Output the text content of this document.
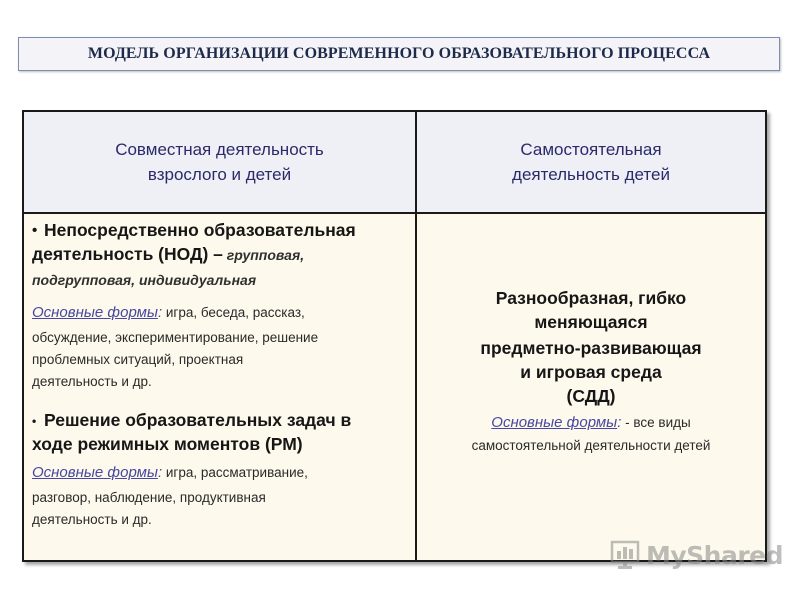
МОДЕЛЬ ОРГАНИЗАЦИИ СОВРЕМЕННОГО ОБРАЗОВАТЕЛЬНОГО ПРОЦЕССА
Совместная деятельность
взрослого и детей
Самостоятельная
деятельность детей
• Непосредственно образовательная
деятельность (НОД) – групповая,
подгрупповая, индивидуальная
Основные формы: игра, беседа, рассказ,
обсуждение, экспериментирование, решение
проблемных ситуаций, проектная
деятельность и др.
• Решение образовательных задач в
ходе режимных моментов (РМ)
Основные формы: игра, рассматривание,
разговор, наблюдение, продуктивная
деятельность и др.
Разнообразная, гибко
меняющаяся
предметно-развивающая
и игровая среда
(СДД)
Основные формы: - все виды
самостоятельной деятельности детей
MyShared
